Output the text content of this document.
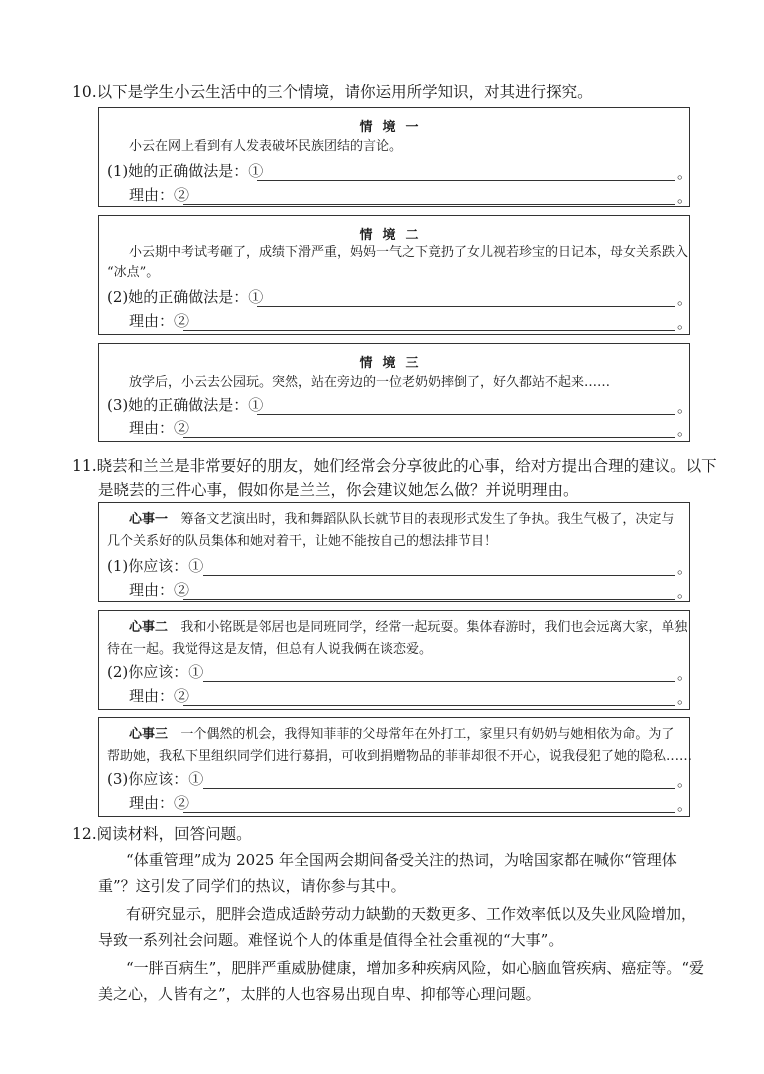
10.以下是学生小云生活中的三个情境，请你运用所学知识，对其进行探究。
情境一
小云在网上看到有人发表破坏民族团结的言论。
(1)她的正确做法是：①	。
理由：②	。
情境二
小云期中考试考砸了，成绩下滑严重，妈妈一气之下竟扔了女儿视若珍宝的日记本，母女关系跌入
“冰点”。
(2)她的正确做法是：①	。
理由：②	。
情境三
放学后，小云去公园玩。突然，站在旁边的一位老奶奶摔倒了，好久都站不起来……
(3)她的正确做法是：①	。
理由：②	。
11.晓芸和兰兰是非常要好的朋友，她们经常会分享彼此的心事，给对方提出合理的建议。以下
是晓芸的三件心事，假如你是兰兰，你会建议她怎么做？并说明理由。
心事一 筹备文艺演出时，我和舞蹈队队长就节目的表现形式发生了争执。我生气极了，决定与
几个关系好的队员集体和她对着干，让她不能按自己的想法排节目！
(1)你应该：①	。
理由：②	。
心事二 我和小铭既是邻居也是同班同学，经常一起玩耍。集体春游时，我们也会远离大家，单独
待在一起。我觉得这是友情，但总有人说我俩在谈恋爱。
(2)你应该：①	。
理由：②	。
心事三 一个偶然的机会，我得知菲菲的父母常年在外打工，家里只有奶奶与她相依为命。为了
帮助她，我私下里组织同学们进行募捐，可收到捐赠物品的菲菲却很不开心，说我侵犯了她的隐私……
(3)你应该：①	。
理由：②	。
12.阅读材料，回答问题。
“体重管理”成为 2025 年全国两会期间备受关注的热词，为啥国家都在喊你“管理体
重”？这引发了同学们的热议，请你参与其中。
有研究显示，肥胖会造成适龄劳动力缺勤的天数更多、工作效率低以及失业风险增加，
导致一系列社会问题。难怪说个人的体重是值得全社会重视的“大事”。
“一胖百病生”，肥胖严重威胁健康，增加多种疾病风险，如心脑血管疾病、癌症等。“爱
美之心，人皆有之”，太胖的人也容易出现自卑、抑郁等心理问题。
